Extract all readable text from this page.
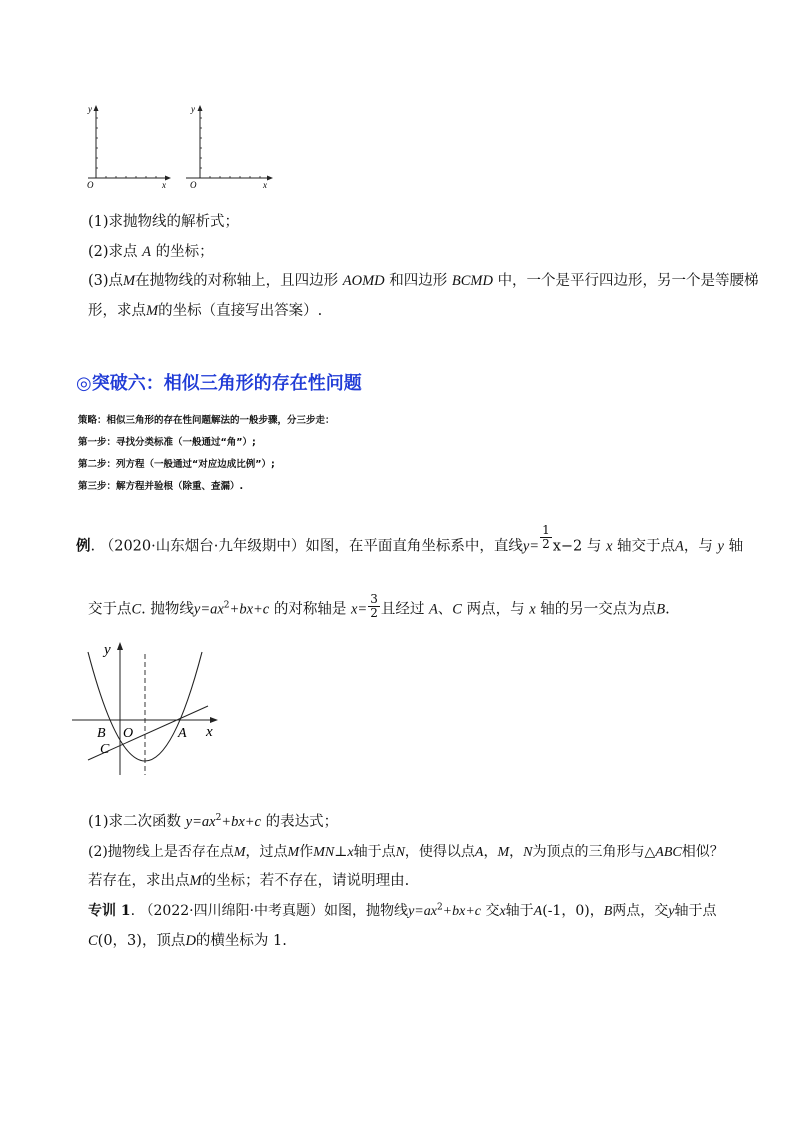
y
O	x
y
O	x
(1)求抛物线的解析式；
(2)求点 A 的坐标；
(3)点M在抛物线的对称轴上，且四边形 AOMD 和四边形 BCMD 中，一个是平行四边形，另一个是等腰梯
形，求点M的坐标（直接写出答案）.
◎突破六：相似三角形的存在性问题
策略：相似三角形的存在性问题解法的一般步骤，分三步走：
第一步：寻找分类标准（一般通过“角”）;
第二步：列方程（一般通过“对应边成比例”）;
第三步：解方程并验根（除重、查漏）.
例. （2020·山东烟台·九年级期中）如图，在平面直角坐标系中，直线$y= \frac{1}{2} x-2$ 与 x 轴交于点A，与 y 轴
交于点C. 抛物线$y=ax^2+bx+c$ 的对称轴是 $x= \frac{3}{2}$ 且经过 A、C 两点，与 x 轴的另一交点为点B.
y
x
O	A
B
C
(1)求二次函数 $y=ax^2+bx+c$ 的表达式；
(2)抛物线上是否存在点M，过点M作MN⊥x轴于点N，使得以点A，M，N为顶点的三角形与△ABC相似？
若存在，求出点M的坐标；若不存在，请说明理由.
专训 1. （2022·四川绵阳·中考真题）如图，抛物线$y=ax^2+bx+c$ 交x轴于A(-1，0)，B两点，交y轴于点
C(0，3)，顶点D的横坐标为 1.
